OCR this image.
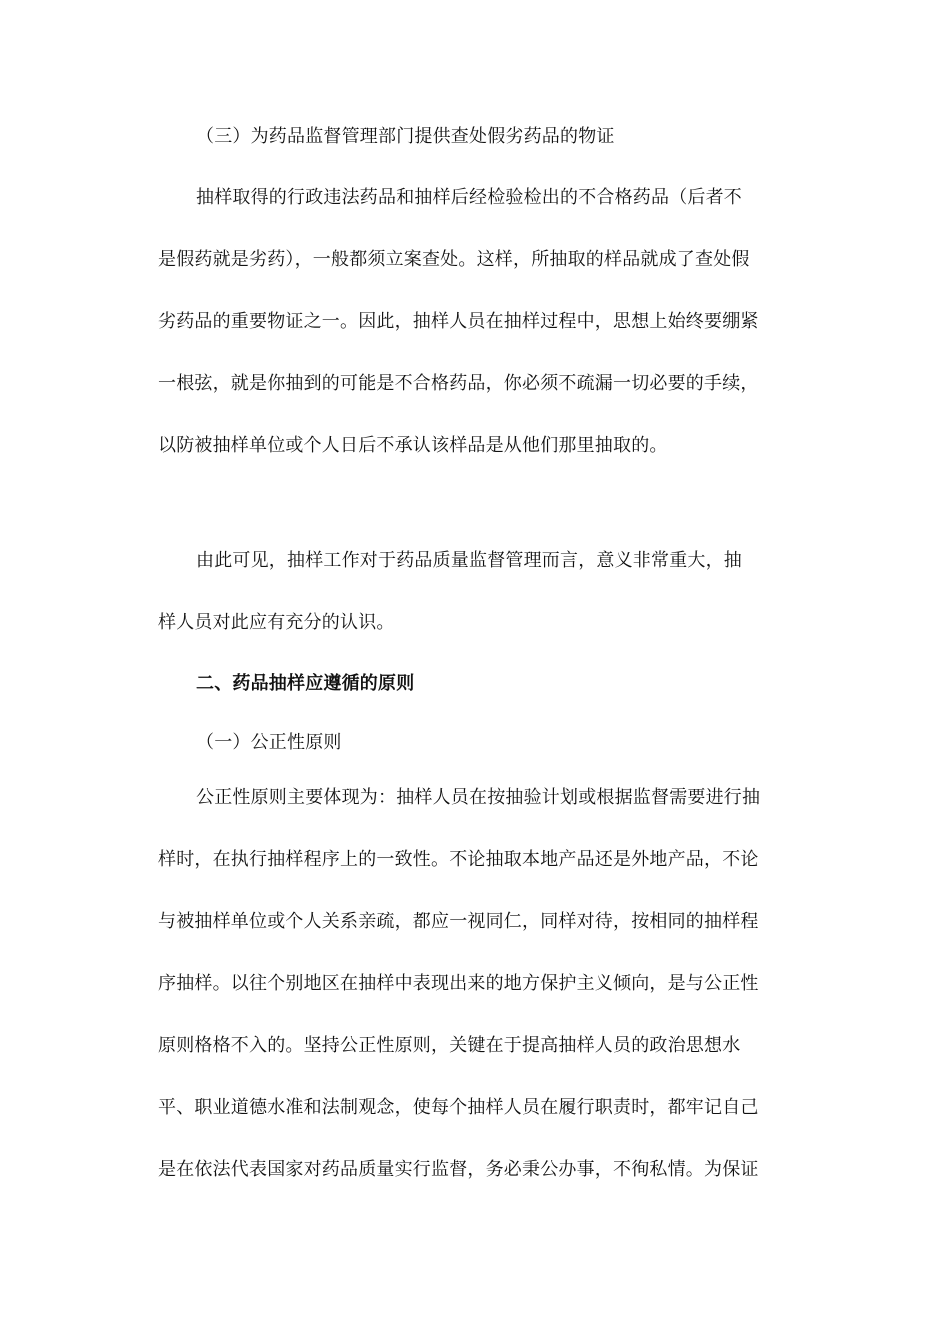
（三）为药品监督管理部门提供查处假劣药品的物证
抽样取得的行政违法药品和抽样后经检验检出的不合格药品（后者不
是假药就是劣药），一般都须立案查处。这样，所抽取的样品就成了查处假
劣药品的重要物证之一。因此，抽样人员在抽样过程中，思想上始终要绷紧
一根弦，就是你抽到的可能是不合格药品，你必须不疏漏一切必要的手续，
以防被抽样单位或个人日后不承认该样品是从他们那里抽取的。
由此可见，抽样工作对于药品质量监督管理而言，意义非常重大，抽
样人员对此应有充分的认识。
二、药品抽样应遵循的原则
（一）公正性原则
公正性原则主要体现为：抽样人员在按抽验计划或根据监督需要进行抽
样时，在执行抽样程序上的一致性。不论抽取本地产品还是外地产品，不论
与被抽样单位或个人关系亲疏，都应一视同仁，同样对待，按相同的抽样程
序抽样。以往个别地区在抽样中表现出来的地方保护主义倾向，是与公正性
原则格格不入的。坚持公正性原则，关键在于提高抽样人员的政治思想水
平、职业道德水准和法制观念，使每个抽样人员在履行职责时，都牢记自己
是在依法代表国家对药品质量实行监督，务必秉公办事，不徇私情。为保证
